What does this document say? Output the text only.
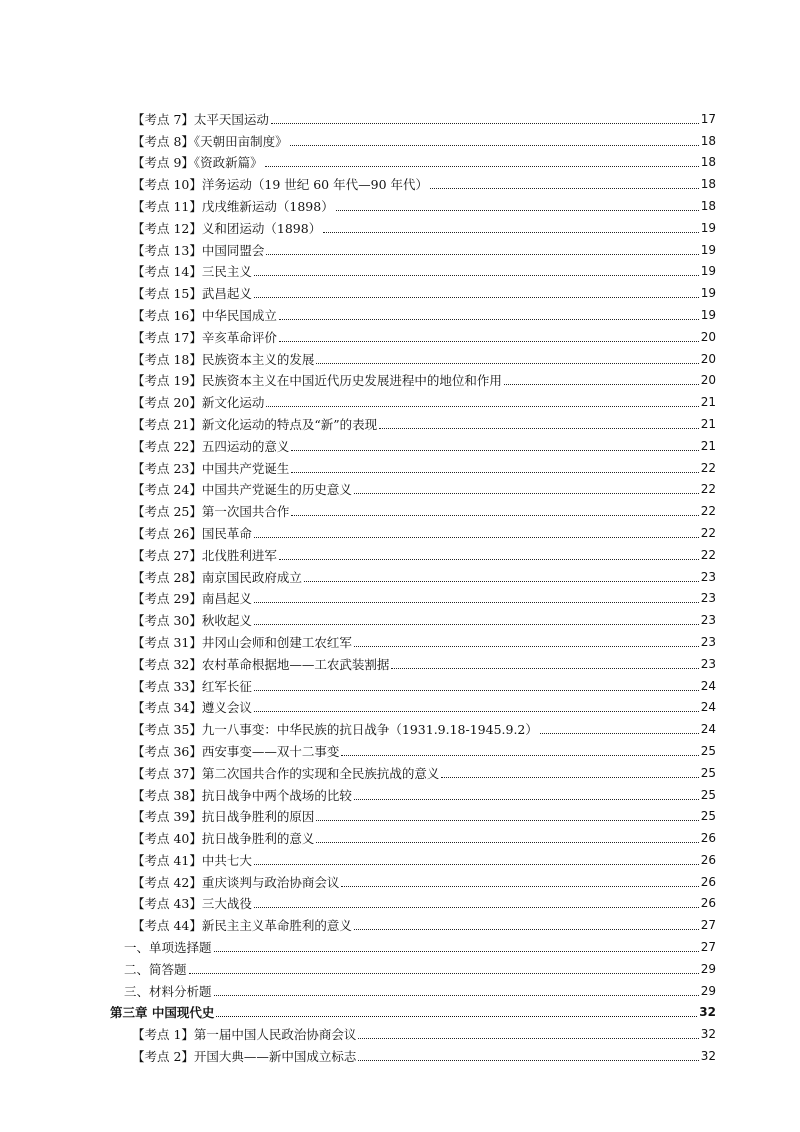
【考点 7】太平天国运动	17
【考点 8】《天朝田亩制度》	18
【考点 9】《资政新篇》	18
【考点 10】洋务运动（19 世纪 60 年代—90 年代）	18
【考点 11】戊戌维新运动（1898）	18
【考点 12】义和团运动（1898）	19
【考点 13】中国同盟会	19
【考点 14】三民主义	19
【考点 15】武昌起义	19
【考点 16】中华民国成立	19
【考点 17】辛亥革命评价	20
【考点 18】民族资本主义的发展	20
【考点 19】民族资本主义在中国近代历史发展进程中的地位和作用	20
【考点 20】新文化运动	21
【考点 21】新文化运动的特点及“新”的表现	21
【考点 22】五四运动的意义	21
【考点 23】中国共产党诞生	22
【考点 24】中国共产党诞生的历史意义	22
【考点 25】第一次国共合作	22
【考点 26】国民革命	22
【考点 27】北伐胜利进军	22
【考点 28】南京国民政府成立	23
【考点 29】南昌起义	23
【考点 30】秋收起义	23
【考点 31】井冈山会师和创建工农红军	23
【考点 32】农村革命根据地——工农武装割据	23
【考点 33】红军长征	24
【考点 34】遵义会议	24
【考点 35】九一八事变：中华民族的抗日战争（1931.9.18-1945.9.2）	24
【考点 36】西安事变——双十二事变	25
【考点 37】第二次国共合作的实现和全民族抗战的意义	25
【考点 38】抗日战争中两个战场的比较	25
【考点 39】抗日战争胜利的原因	25
【考点 40】抗日战争胜利的意义	26
【考点 41】中共七大	26
【考点 42】重庆谈判与政治协商会议	26
【考点 43】三大战役	26
【考点 44】新民主主义革命胜利的意义	27
一、单项选择题	27
二、简答题	29
三、材料分析题	29
第三章 中国现代史	32
【考点 1】第一届中国人民政治协商会议	32
【考点 2】开国大典——新中国成立标志	32
